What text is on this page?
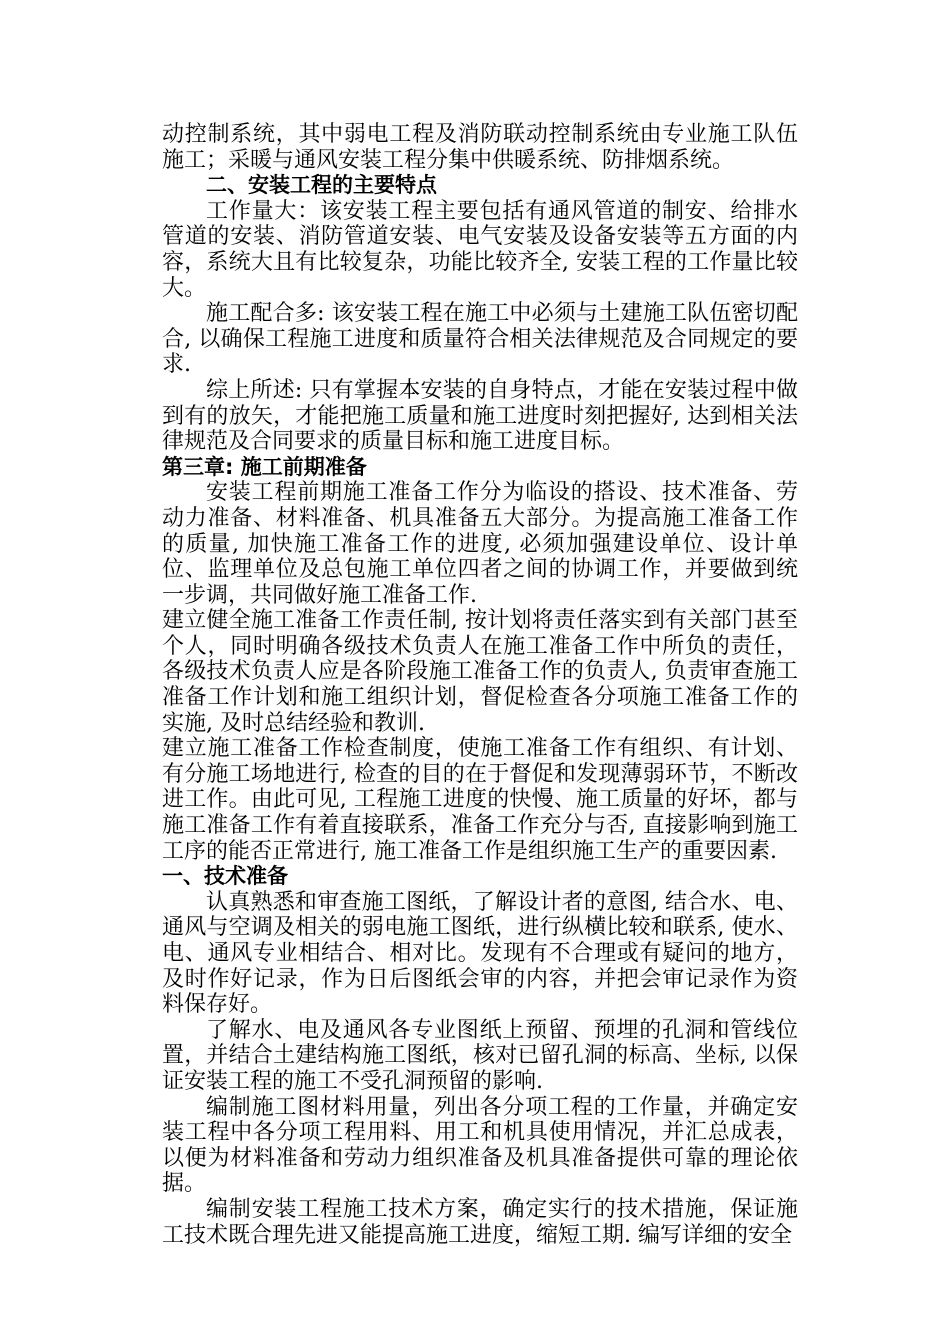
动控制系统，其中弱电工程及消防联动控制系统由专业施工队伍施工；采暖与通风安装工程分集中供暖系统、防排烟系统。

二、安装工程的主要特点

工作量大：该安装工程主要包括有通风管道的制安、给排水管道的安装、消防管道安装、电气安装及设备安装等五方面的内容，系统大且有比较复杂，功能比较齐全, 安装工程的工作量比较大。

施工配合多: 该安装工程在施工中必须与土建施工队伍密切配合, 以确保工程施工进度和质量符合相关法律规范及合同规定的要求.

综上所述: 只有掌握本安装的自身特点，才能在安装过程中做到有的放矢，才能把施工质量和施工进度时刻把握好, 达到相关法律规范及合同要求的质量目标和施工进度目标。

第三章: 施工前期准备

安装工程前期施工准备工作分为临设的搭设、技术准备、劳动力准备、材料准备、机具准备五大部分。为提高施工准备工作的质量, 加快施工准备工作的进度, 必须加强建设单位、设计单位、监理单位及总包施工单位四者之间的协调工作，并要做到统一步调，共同做好施工准备工作.

建立健全施工准备工作责任制, 按计划将责任落实到有关部门甚至个人，同时明确各级技术负责人在施工准备工作中所负的责任，各级技术负责人应是各阶段施工准备工作的负责人, 负责审查施工准备工作计划和施工组织计划，督促检查各分项施工准备工作的实施, 及时总结经验和教训.

建立施工准备工作检查制度，使施工准备工作有组织、有计划、有分施工场地进行, 检查的目的在于督促和发现薄弱环节，不断改进工作。由此可见, 工程施工进度的快慢、施工质量的好坏，都与施工准备工作有着直接联系，准备工作充分与否, 直接影响到施工工序的能否正常进行, 施工准备工作是组织施工生产的重要因素.

一、技术准备

认真熟悉和审查施工图纸，了解设计者的意图, 结合水、电、通风与空调及相关的弱电施工图纸，进行纵横比较和联系, 使水、电、通风专业相结合、相对比。发现有不合理或有疑问的地方，及时作好记录，作为日后图纸会审的内容，并把会审记录作为资料保存好。

了解水、电及通风各专业图纸上预留、预埋的孔洞和管线位置，并结合土建结构施工图纸，核对已留孔洞的标高、坐标, 以保证安装工程的施工不受孔洞预留的影响.

编制施工图材料用量，列出各分项工程的工作量，并确定安装工程中各分项工程用料、用工和机具使用情况，并汇总成表，以便为材料准备和劳动力组织准备及机具准备提供可靠的理论依据。

编制安装工程施工技术方案，确定实行的技术措施，保证施工技术既合理先进又能提高施工进度，缩短工期. 编写详细的安全
